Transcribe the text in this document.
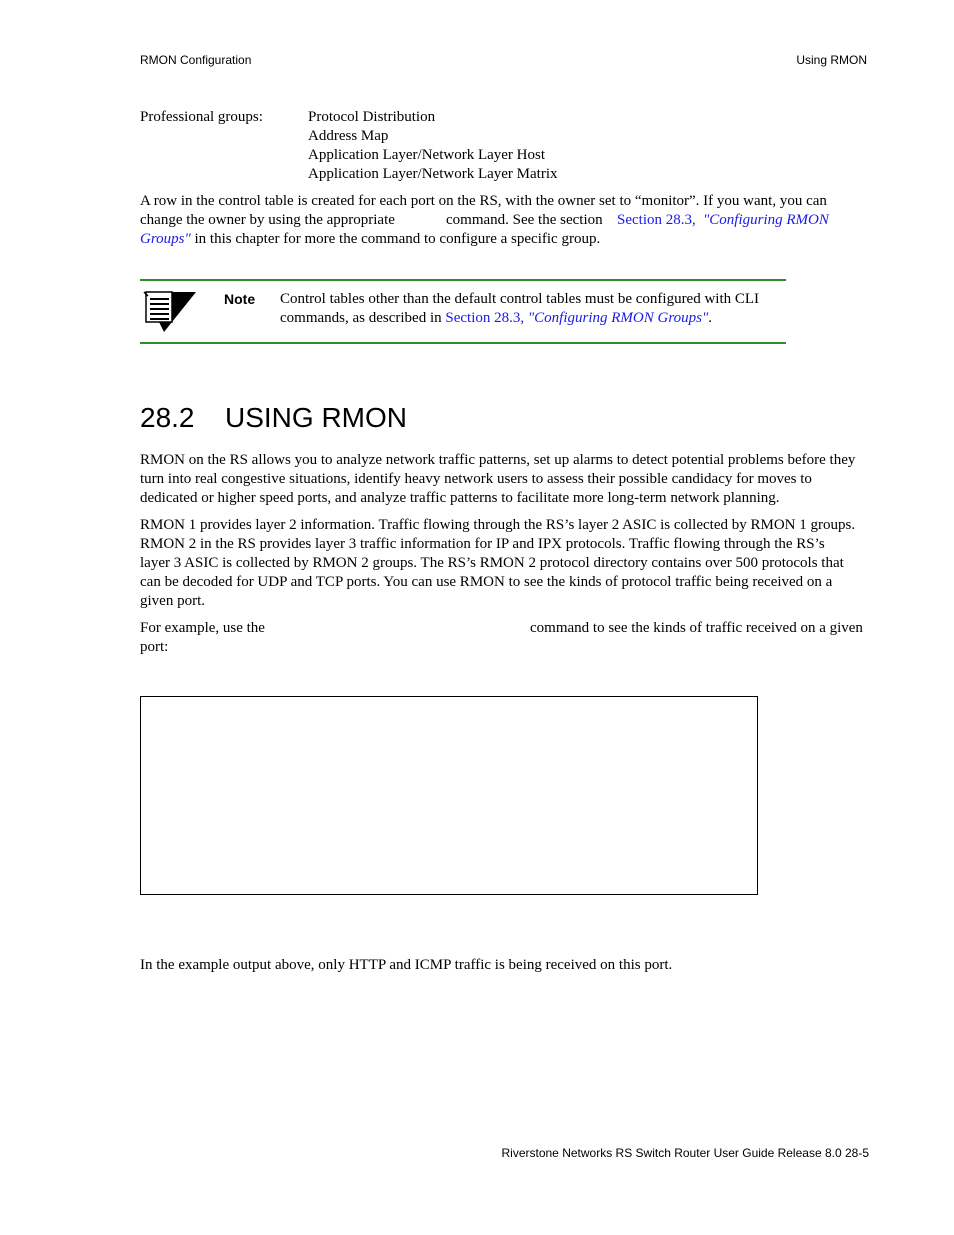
RMON Configuration	Using RMON
Professional groups:	Protocol Distribution
Address Map
Application Layer/Network Layer Host
Application Layer/Network Layer Matrix
A row in the control table is created for each port on the RS, with the owner set to “monitor”. If you want, you can
change the owner by using the appropriate	command. See the section Section 28.3, "Configuring RMON
Groups" in this chapter for more the command to configure a specific group.
Note Control tables other than the default control tables must be configured with CLI
commands, as described in Section 28.3, "Configuring RMON Groups".
28.2 USING RMON
RMON on the RS allows you to analyze network traffic patterns, set up alarms to detect potential problems before they
turn into real congestive situations, identify heavy network users to assess their possible candidacy for moves to
dedicated or higher speed ports, and analyze traffic patterns to facilitate more long-term network planning.
RMON 1 provides layer 2 information. Traffic flowing through the RS’s layer 2 ASIC is collected by RMON 1 groups.
RMON 2 in the RS provides layer 3 traffic information for IP and IPX protocols. Traffic flowing through the RS’s
layer 3 ASIC is collected by RMON 2 groups. The RS’s RMON 2 protocol directory contains over 500 protocols that
can be decoded for UDP and TCP ports. You can use RMON to see the kinds of protocol traffic being received on a
given port.
For example, use the	command to see the kinds of traffic received on a given
port:
In the example output above, only HTTP and ICMP traffic is being received on this port.
Riverstone Networks RS Switch Router User Guide Release 8.0 28-5
